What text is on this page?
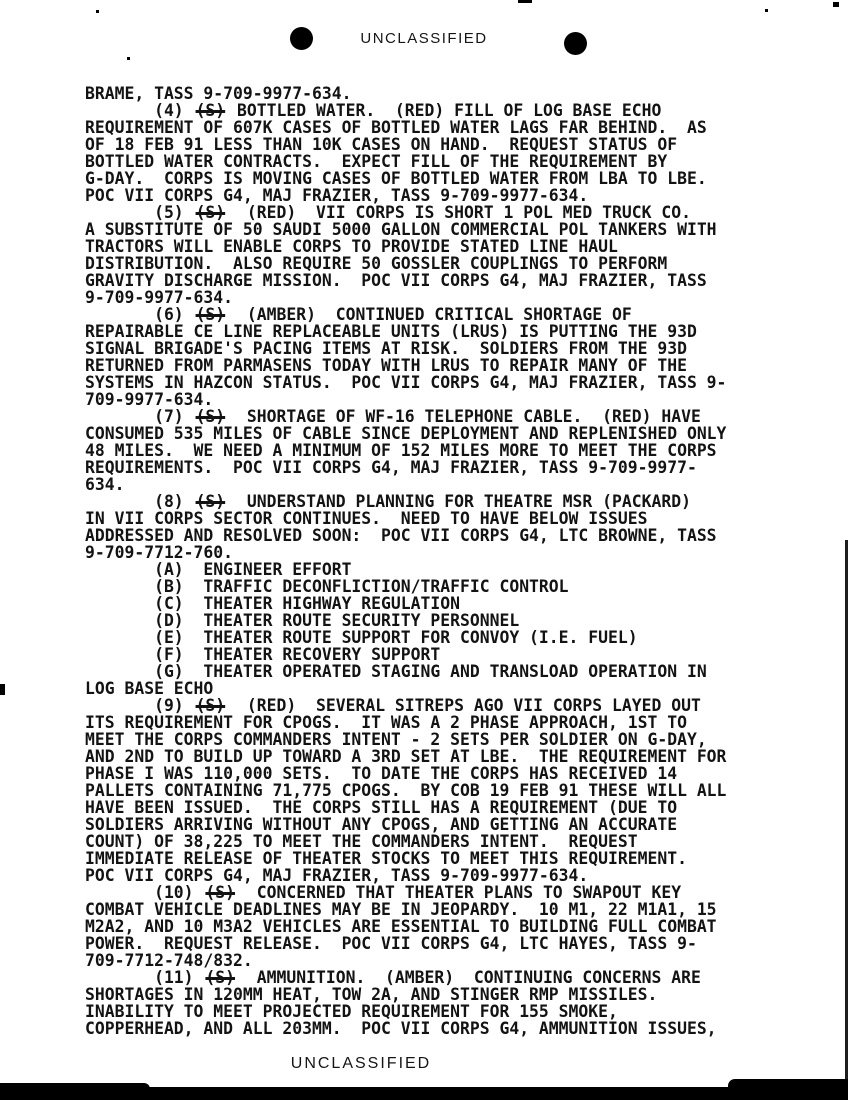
UNCLASSIFIED
BRAME, TASS 9-709-9977-634.
(4) (S) BOTTLED WATER.  (RED) FILL OF LOG BASE ECHO
REQUIREMENT OF 607K CASES OF BOTTLED WATER LAGS FAR BEHIND.  AS
OF 18 FEB 91 LESS THAN 10K CASES ON HAND.  REQUEST STATUS OF
BOTTLED WATER CONTRACTS.  EXPECT FILL OF THE REQUIREMENT BY
G-DAY.  CORPS IS MOVING CASES OF BOTTLED WATER FROM LBA TO LBE.
POC VII CORPS G4, MAJ FRAZIER, TASS 9-709-9977-634.
(5) (S)  (RED)  VII CORPS IS SHORT 1 POL MED TRUCK CO.
A SUBSTITUTE OF 50 SAUDI 5000 GALLON COMMERCIAL POL TANKERS WITH
TRACTORS WILL ENABLE CORPS TO PROVIDE STATED LINE HAUL
DISTRIBUTION.  ALSO REQUIRE 50 GOSSLER COUPLINGS TO PERFORM
GRAVITY DISCHARGE MISSION.  POC VII CORPS G4, MAJ FRAZIER, TASS
9-709-9977-634.
(6) (S)  (AMBER)  CONTINUED CRITICAL SHORTAGE OF
REPAIRABLE CE LINE REPLACEABLE UNITS (LRUS) IS PUTTING THE 93D
SIGNAL BRIGADE'S PACING ITEMS AT RISK.  SOLDIERS FROM THE 93D
RETURNED FROM PARMASENS TODAY WITH LRUS TO REPAIR MANY OF THE
SYSTEMS IN HAZCON STATUS.  POC VII CORPS G4, MAJ FRAZIER, TASS 9-
709-9977-634.
(7) (S)  SHORTAGE OF WF-16 TELEPHONE CABLE.  (RED) HAVE
CONSUMED 535 MILES OF CABLE SINCE DEPLOYMENT AND REPLENISHED ONLY
48 MILES.  WE NEED A MINIMUM OF 152 MILES MORE TO MEET THE CORPS
REQUIREMENTS.  POC VII CORPS G4, MAJ FRAZIER, TASS 9-709-9977-
634.
(8) (S)  UNDERSTAND PLANNING FOR THEATRE MSR (PACKARD)
IN VII CORPS SECTOR CONTINUES.  NEED TO HAVE BELOW ISSUES
ADDRESSED AND RESOLVED SOON:  POC VII CORPS G4, LTC BROWNE, TASS
9-709-7712-760.
(A)  ENGINEER EFFORT
(B)  TRAFFIC DECONFLICTION/TRAFFIC CONTROL
(C)  THEATER HIGHWAY REGULATION
(D)  THEATER ROUTE SECURITY PERSONNEL
(E)  THEATER ROUTE SUPPORT FOR CONVOY (I.E. FUEL)
(F)  THEATER RECOVERY SUPPORT
(G)  THEATER OPERATED STAGING AND TRANSLOAD OPERATION IN
LOG BASE ECHO
(9) (S)  (RED)  SEVERAL SITREPS AGO VII CORPS LAYED OUT
ITS REQUIREMENT FOR CPOGS.  IT WAS A 2 PHASE APPROACH, 1ST TO
MEET THE CORPS COMMANDERS INTENT - 2 SETS PER SOLDIER ON G-DAY,
AND 2ND TO BUILD UP TOWARD A 3RD SET AT LBE.  THE REQUIREMENT FOR
PHASE I WAS 110,000 SETS.  TO DATE THE CORPS HAS RECEIVED 14
PALLETS CONTAINING 71,775 CPOGS.  BY COB 19 FEB 91 THESE WILL ALL
HAVE BEEN ISSUED.  THE CORPS STILL HAS A REQUIREMENT (DUE TO
SOLDIERS ARRIVING WITHOUT ANY CPOGS, AND GETTING AN ACCURATE
COUNT) OF 38,225 TO MEET THE COMMANDERS INTENT.  REQUEST
IMMEDIATE RELEASE OF THEATER STOCKS TO MEET THIS REQUIREMENT.
POC VII CORPS G4, MAJ FRAZIER, TASS 9-709-9977-634.
(10) (S)  CONCERNED THAT THEATER PLANS TO SWAPOUT KEY
COMBAT VEHICLE DEADLINES MAY BE IN JEOPARDY.  10 M1, 22 M1A1, 15
M2A2, AND 10 M3A2 VEHICLES ARE ESSENTIAL TO BUILDING FULL COMBAT
POWER.  REQUEST RELEASE.  POC VII CORPS G4, LTC HAYES, TASS 9-
709-7712-748/832.
(11) (S)  AMMUNITION.  (AMBER)  CONTINUING CONCERNS ARE
SHORTAGES IN 120MM HEAT, TOW 2A, AND STINGER RMP MISSILES.
INABILITY TO MEET PROJECTED REQUIREMENT FOR 155 SMOKE,
COPPERHEAD, AND ALL 203MM.  POC VII CORPS G4, AMMUNITION ISSUES,
UNCLASSIFIED
